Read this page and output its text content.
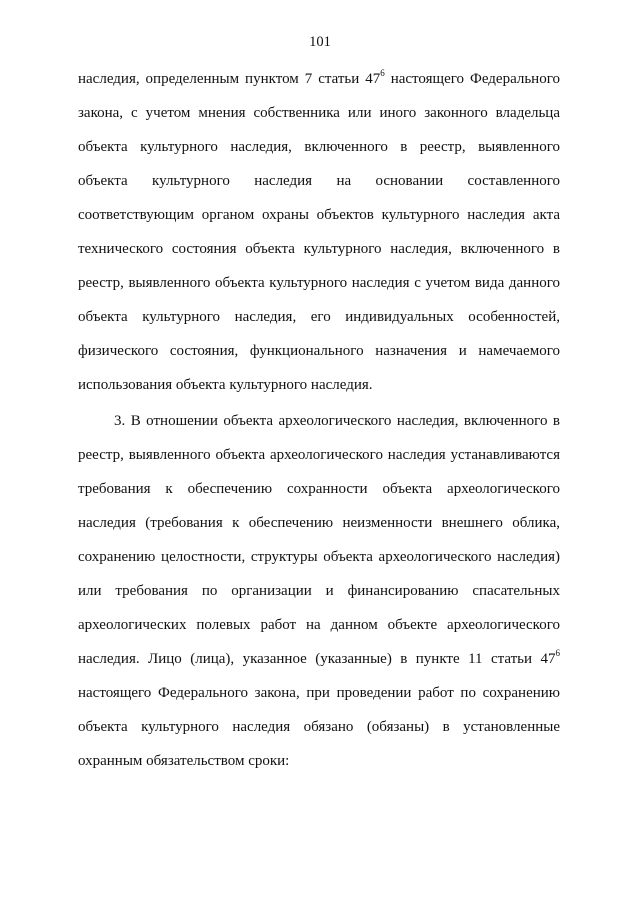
101
наследия, определенным пунктом 7 статьи $47^6$ настоящего Федерального
закона, с учетом мнения собственника или иного законного владельца
объекта культурного наследия, включенного в реестр, выявленного
объекта культурного наследия на основании составленного
соответствующим органом охраны объектов культурного наследия акта
технического состояния объекта культурного наследия, включенного в
реестр, выявленного объекта культурного наследия с учетом вида данного
объекта культурного наследия, его индивидуальных особенностей,
физического состояния, функционального назначения и намечаемого
использования объекта культурного наследия.
3. В отношении объекта археологического наследия, включенного в
реестр, выявленного объекта археологического наследия устанавливаются
требования к обеспечению сохранности объекта археологического
наследия (требования к обеспечению неизменности внешнего облика,
сохранению целостности, структуры объекта археологического наследия)
или требования по организации и финансированию спасательных
археологических полевых работ на данном объекте археологического
наследия. Лицо (лица), указанное (указанные) в пункте 11 статьи $47^6$
настоящего Федерального закона, при проведении работ по сохранению
объекта культурного наследия обязано (обязаны) в установленные
охранным обязательством сроки:
